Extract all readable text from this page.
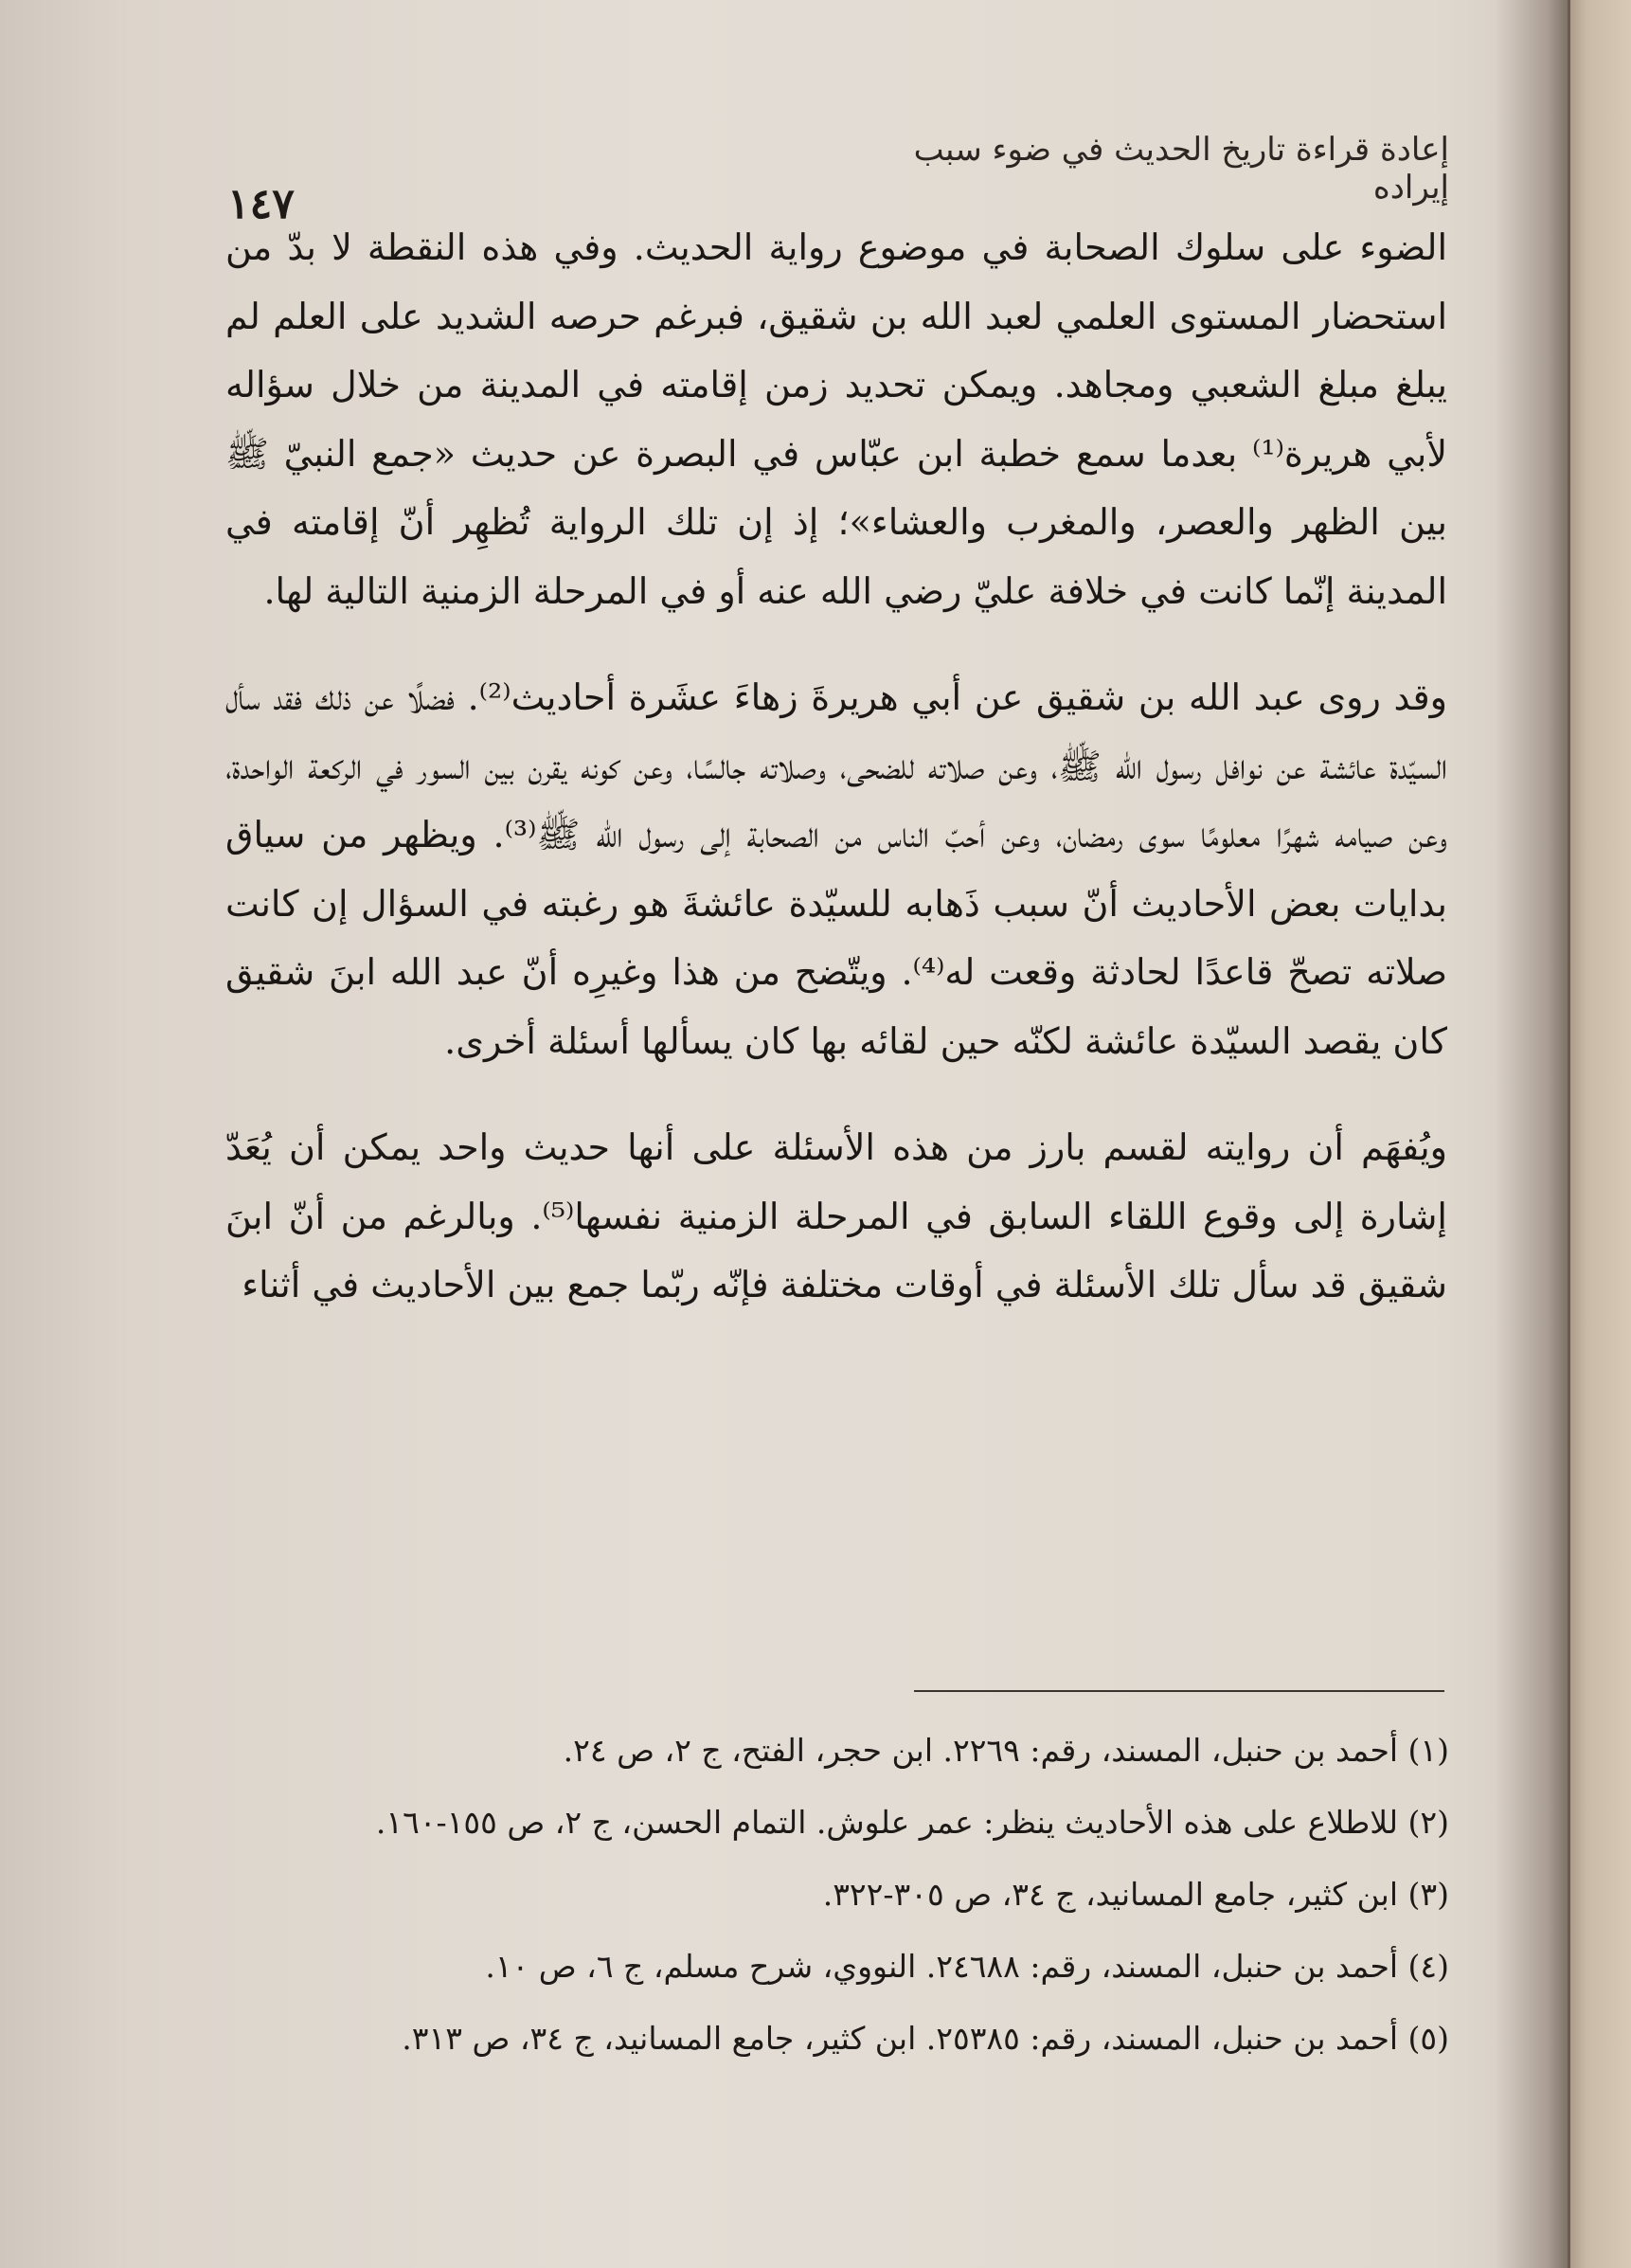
إعادة قراءة تاريخ الحديث في ضوء سبب إيراده
١٤٧

الضوء على سلوك الصحابة في موضوع رواية الحديث. وفي هذه النقطة لا بدّ من استحضار المستوى العلمي لعبد الله بن شقيق، فبرغم حرصه الشديد على العلم لم يبلغ مبلغ الشعبي ومجاهد. ويمكن تحديد زمن إقامته في المدينة من خلال سؤاله لأبي هريرة⁽¹⁾ بعدما سمع خطبة ابن عبّاس في البصرة عن حديث «جمع النبيّ ﷺ بين الظهر والعصر، والمغرب والعشاء»؛ إذ إن تلك الرواية تُظهِر أنّ إقامته في المدينة إنّما كانت في خلافة عليّ رضي الله عنه أو في المرحلة الزمنية التالية لها.

وقد روى عبد الله بن شقيق عن أبي هريرةَ زهاءَ عشَرة أحاديث⁽²⁾. فضلًا عن ذلك فقد سأل السيّدة عائشة عن نوافل رسول الله ﷺ، وعن صلاته للضحى، وصلاته جالسًا، وعن كونه يقرن بين السور في الركعة الواحدة، وعن صيامه شهرًا معلومًا سوى رمضان، وعن أحبّ الناس من الصحابة إلى رسول الله ﷺ⁽³⁾. ويظهر من سياق بدايات بعض الأحاديث أنّ سبب ذَهابه للسيّدة عائشةَ هو رغبته في السؤال إن كانت صلاته تصحّ قاعدًا لحادثة وقعت له⁽⁴⁾. ويتّضح من هذا وغيرِه أنّ عبد الله ابنَ شقيق كان يقصد السيّدة عائشة لكنّه حين لقائه بها كان يسألها أسئلة أخرى.

ويُفهَم أن روايته لقسم بارز من هذه الأسئلة على أنها حديث واحد يمكن أن يُعَدّ إشارة إلى وقوع اللقاء السابق في المرحلة الزمنية نفسها⁽⁵⁾. وبالرغم من أنّ ابنَ شقيق قد سأل تلك الأسئلة في أوقات مختلفة فإنّه ربّما جمع بين الأحاديث في أثناء

(١) أحمد بن حنبل، المسند، رقم: ٢٢٦٩. ابن حجر، الفتح، ج ٢، ص ٢٤.

(٢) للاطلاع على هذه الأحاديث ينظر: عمر علوش. التمام الحسن، ج ٢، ص ١٥٥-١٦٠.

(٣) ابن كثير، جامع المسانيد، ج ٣٤، ص ٣٠٥-٣٢٢.

(٤) أحمد بن حنبل، المسند، رقم: ٢٤٦٨٨. النووي، شرح مسلم، ج ٦، ص ١٠.

(٥) أحمد بن حنبل، المسند، رقم: ٢٥٣٨٥. ابن كثير، جامع المسانيد، ج ٣٤، ص ٣١٣.
